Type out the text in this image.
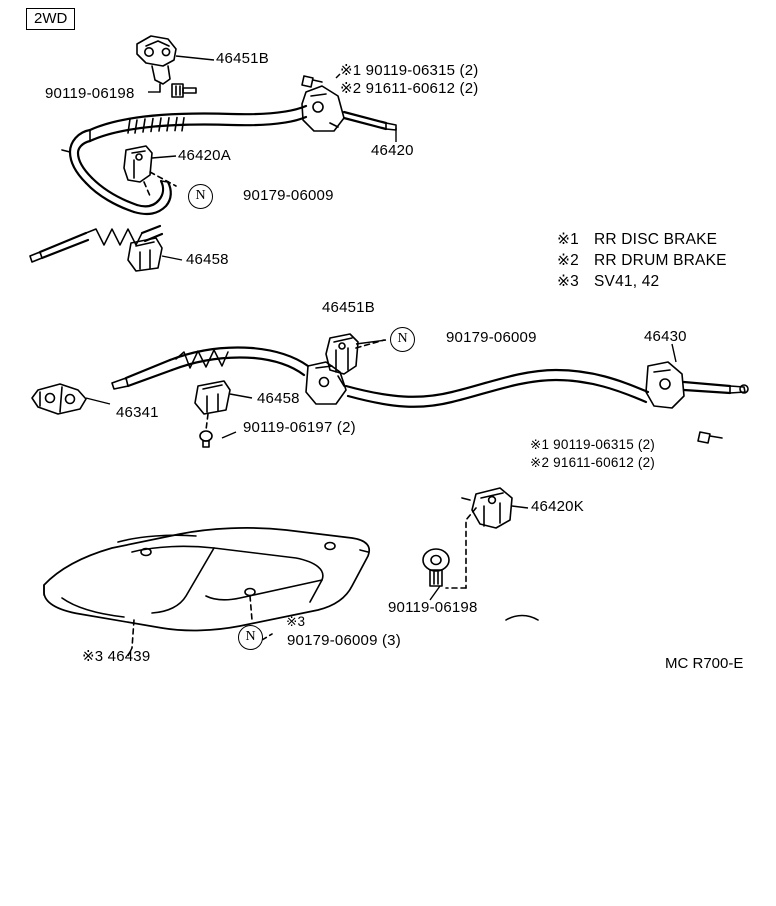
2WD
46451B
90119-06198
※1 90119-06315 (2)
※2 91611-60612 (2)
46420
46420A
90179-06009
46458
46451B
90179-06009	46430
46341
46458
90119-06197 (2)
※1 90119-06315 (2)
※2 91611-60612 (2)
46420K
90119-06198
※3 46439
90179-06009 (3)
※3
N
N
N
※1 RR DISC BRAKE
※2 RR DRUM BRAKE
※3 SV41, 42
MC R700-E
